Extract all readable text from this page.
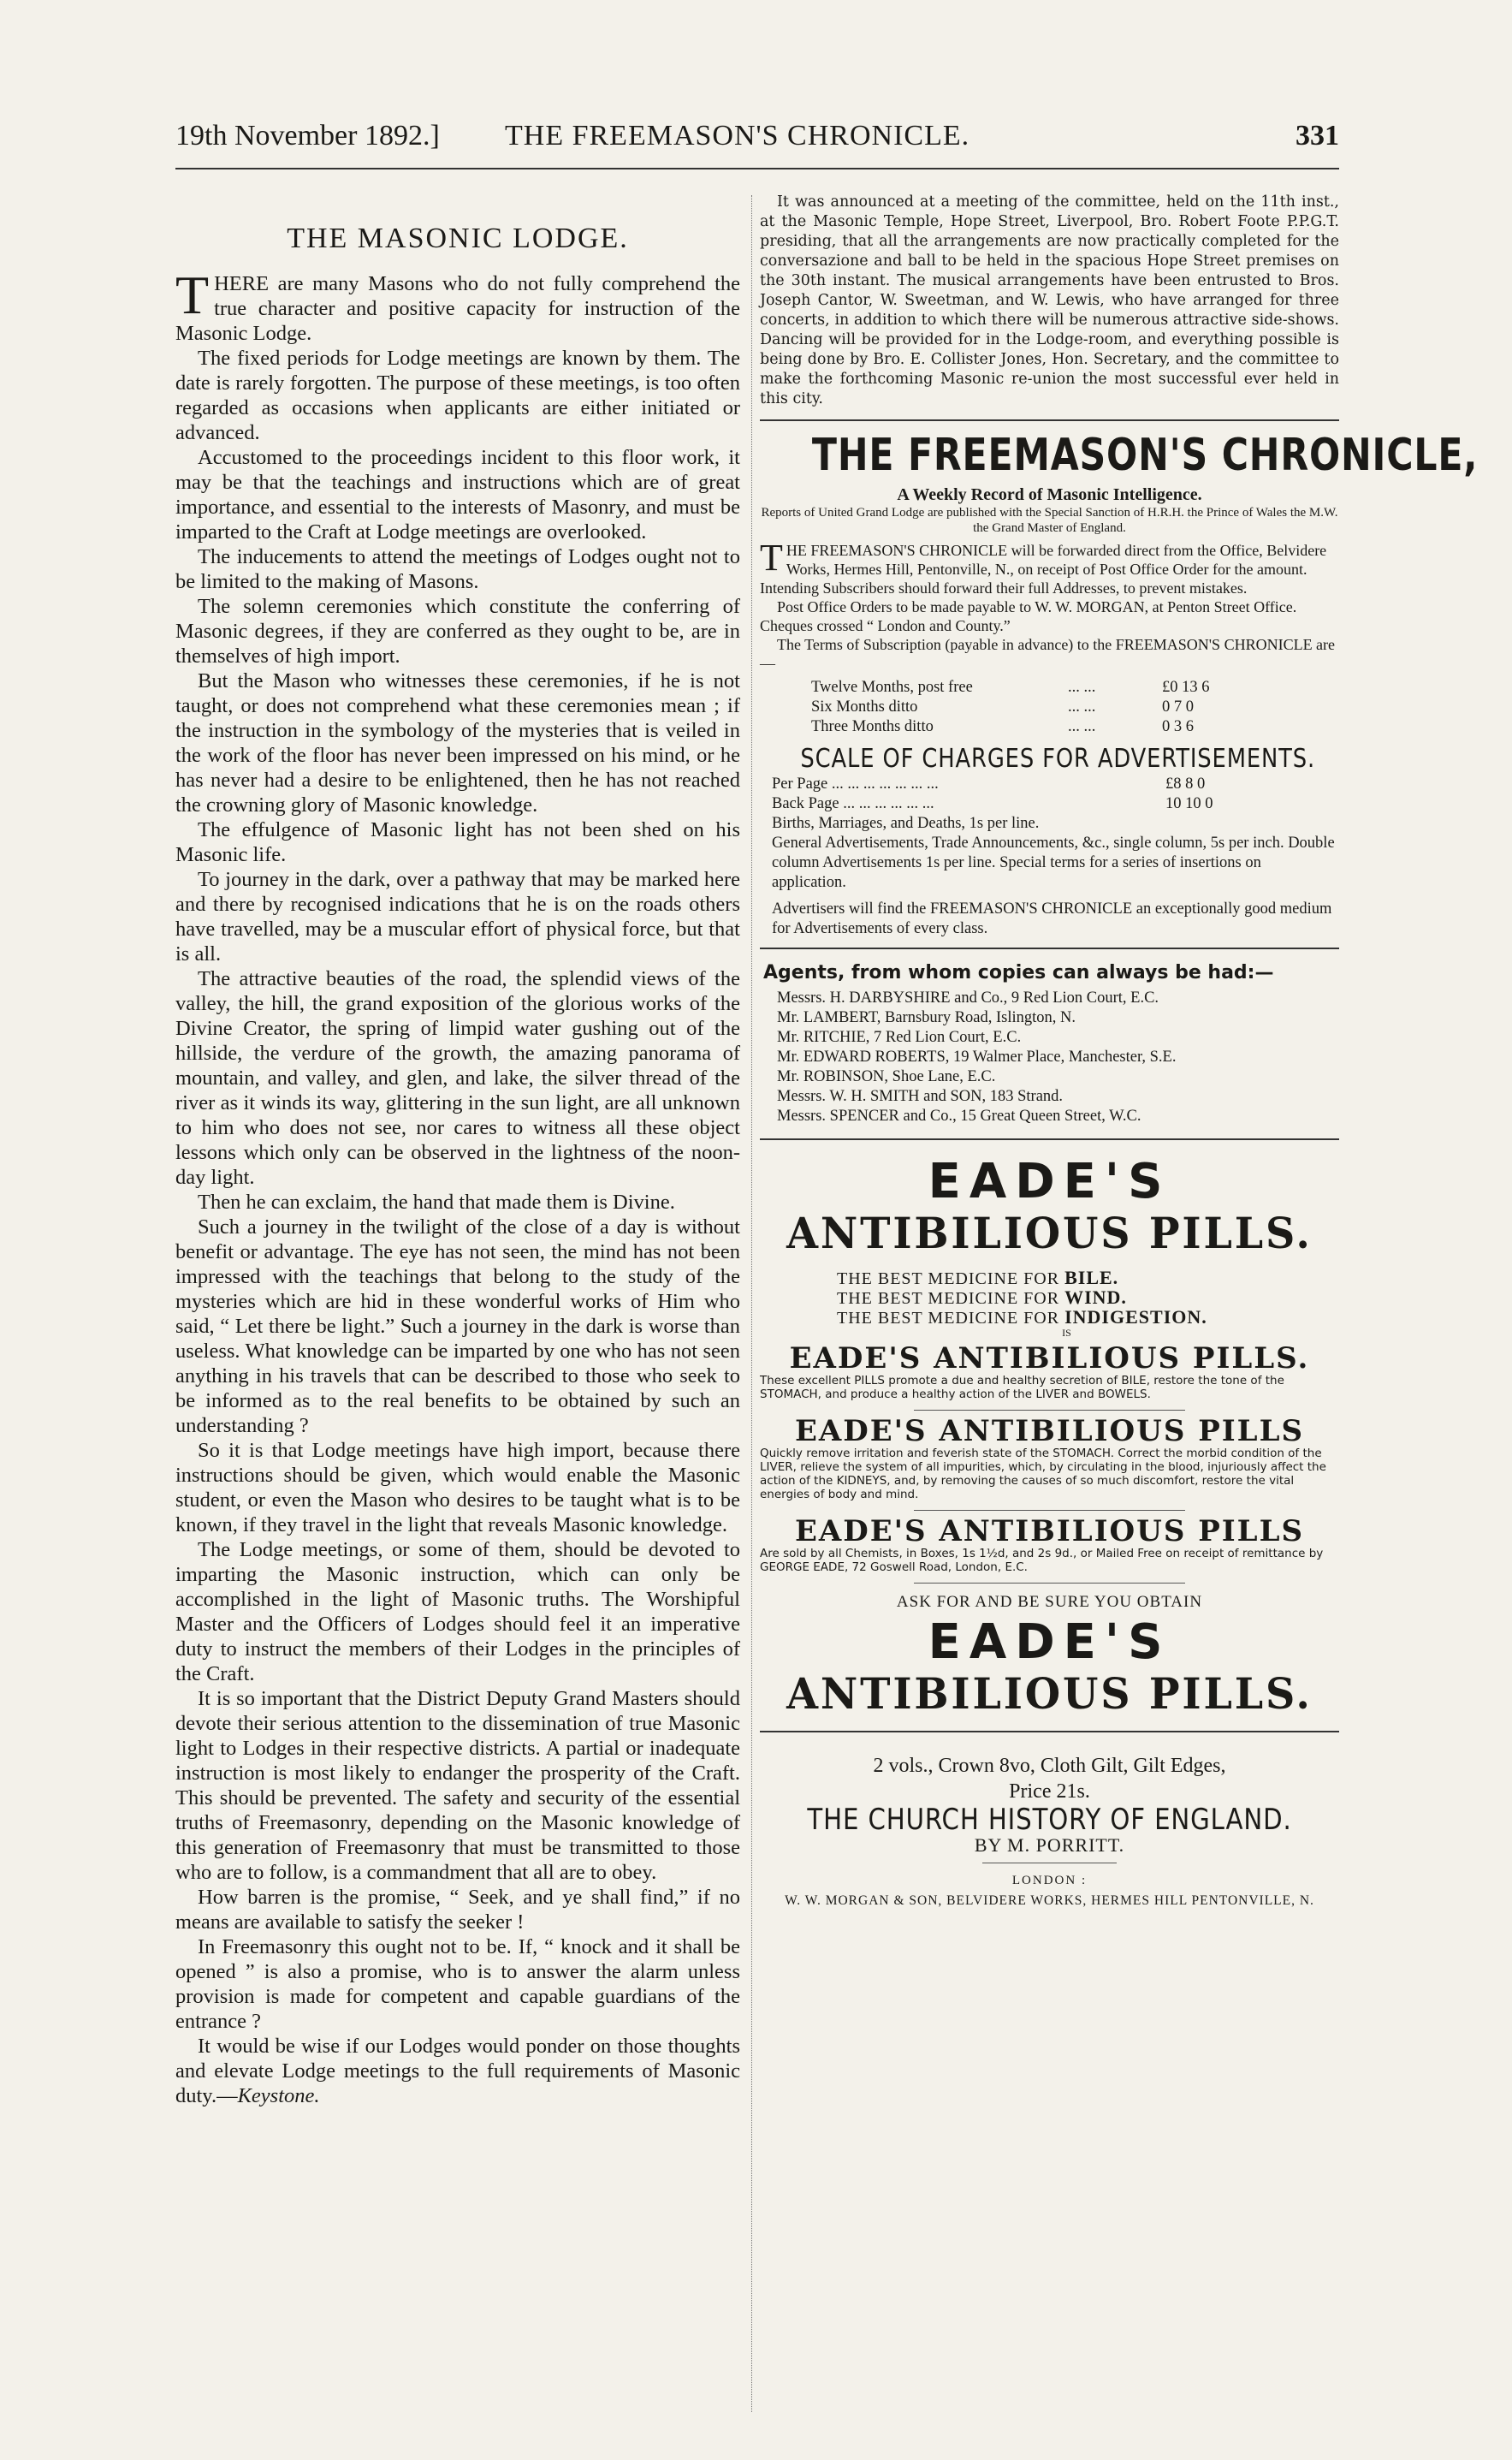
19th November 1892.] THE FREEMASON'S CHRONICLE.	331
THE MASONIC LODGE.

THERE are many Masons who do not fully comprehend the true character and positive capacity for instruction of the Masonic Lodge.

The fixed periods for Lodge meetings are known by them. The date is rarely forgotten. The purpose of these meetings, is too often regarded as occasions when applicants are either initiated or advanced.

Accustomed to the proceedings incident to this floor work, it may be that the teachings and instructions which are of great importance, and essential to the interests of Masonry, and must be imparted to the Craft at Lodge meetings are overlooked.

The inducements to attend the meetings of Lodges ought not to be limited to the making of Masons.

The solemn ceremonies which constitute the conferring of Masonic degrees, if they are conferred as they ought to be, are in themselves of high import.

But the Mason who witnesses these ceremonies, if he is not taught, or does not comprehend what these ceremonies mean ; if the instruction in the symbology of the mysteries that is veiled in the work of the floor has never been impressed on his mind, or he has never had a desire to be enlightened, then he has not reached the crowning glory of Masonic knowledge.

The effulgence of Masonic light has not been shed on his Masonic life.

To journey in the dark, over a pathway that may be marked here and there by recognised indications that he is on the roads others have travelled, may be a muscular effort of physical force, but that is all.

The attractive beauties of the road, the splendid views of the valley, the hill, the grand exposition of the glorious works of the Divine Creator, the spring of limpid water gushing out of the hillside, the verdure of the growth, the amazing panorama of mountain, and valley, and glen, and lake, the silver thread of the river as it winds its way, glittering in the sun light, are all unknown to him who does not see, nor cares to witness all these object lessons which only can be observed in the lightness of the noon-day light.

Then he can exclaim, the hand that made them is Divine.

Such a journey in the twilight of the close of a day is without benefit or advantage. The eye has not seen, the mind has not been impressed with the teachings that belong to the study of the mysteries which are hid in these wonderful works of Him who said, “ Let there be light.” Such a journey in the dark is worse than useless. What knowledge can be imparted by one who has not seen anything in his travels that can be described to those who seek to be informed as to the real benefits to be obtained by such an understanding ?

So it is that Lodge meetings have high import, because there instructions should be given, which would enable the Masonic student, or even the Mason who desires to be taught what is to be known, if they travel in the light that reveals Masonic knowledge.

The Lodge meetings, or some of them, should be devoted to imparting the Masonic instruction, which can only be accomplished in the light of Masonic truths. The Worshipful Master and the Officers of Lodges should feel it an imperative duty to instruct the members of their Lodges in the principles of the Craft.

It is so important that the District Deputy Grand Masters should devote their serious attention to the dissemination of true Masonic light to Lodges in their respective districts. A partial or inadequate instruction is most likely to endanger the prosperity of the Craft. This should be prevented. The safety and security of the essential truths of Freemasonry, depending on the Masonic knowledge of this generation of Freemasonry that must be transmitted to those who are to follow, is a commandment that all are to obey.

How barren is the promise, “ Seek, and ye shall find,” if no means are available to satisfy the seeker !

In Freemasonry this ought not to be. If, “ knock and it shall be opened ” is also a promise, who is to answer the alarm unless provision is made for competent and capable guardians of the entrance ?

It would be wise if our Lodges would ponder on those thoughts and elevate Lodge meetings to the full requirements of Masonic duty.—Keystone.

It was announced at a meeting of the committee, held on the 11th inst., at the Masonic Temple, Hope Street, Liverpool, Bro. Robert Foote P.P.G.T. presiding, that all the arrangements are now practically completed for the conversazione and ball to be held in the spacious Hope Street premises on the 30th instant. The musical arrangements have been entrusted to Bros. Joseph Cantor, W. Sweetman, and W. Lewis, who have arranged for three concerts, in addition to which there will be numerous attractive side-shows. Dancing will be provided for in the Lodge-room, and everything possible is being done by Bro. E. Collister Jones, Hon. Secretary, and the committee to make the forthcoming Masonic re-union the most successful ever held in this city.

THE FREEMASON'S CHRONICLE,

A Weekly Record of Masonic Intelligence.

Reports of United Grand Lodge are published with the Special Sanction of H.R.H. the Prince of Wales the M.W. the Grand Master of England.

THE FREEMASON'S CHRONICLE will be forwarded direct from the Office, Belvidere Works, Hermes Hill, Pentonville, N., on receipt of Post Office Order for the amount. Intending Subscribers should forward their full Addresses, to prevent mistakes.

Post Office Orders to be made payable to W. W. MORGAN, at Penton Street Office. Cheques crossed “ London and County.”

The Terms of Subscription (payable in advance) to the FREEMASON'S CHRONICLE are—

Twelve Months, post free	... ...	£0 13 6
Six Months ditto	... ...	0 7 0
Three Months ditto	... ...	0 3 6
SCALE OF CHARGES FOR ADVERTISEMENTS.
Per Page ... ... ... ... ... ... ...	£8 8 0
Back Page ... ... ... ... ... ...	10 10 0

Births, Marriages, and Deaths, 1s per line.

General Advertisements, Trade Announcements, &c., single column, 5s per inch. Double column Advertisements 1s per line. Special terms for a series of insertions on application.

Advertisers will find the FREEMASON'S CHRONICLE an exceptionally good medium for Advertisements of every class.

Agents, from whom copies can always be had:—
Messrs. H. DARBYSHIRE and Co., 9 Red Lion Court, E.C.
Mr. LAMBERT, Barnsbury Road, Islington, N.
Mr. RITCHIE, 7 Red Lion Court, E.C.
Mr. EDWARD ROBERTS, 19 Walmer Place, Manchester, S.E.
Mr. ROBINSON, Shoe Lane, E.C.
Messrs. W. H. SMITH and SON, 183 Strand.
Messrs. SPENCER and Co., 15 Great Queen Street, W.C.
EADE'S
ANTIBILIOUS PILLS.
THE BEST MEDICINE FOR BILE.
THE BEST MEDICINE FOR WIND.
THE BEST MEDICINE FOR INDIGESTION.
IS
EADE'S ANTIBILIOUS PILLS.

These excellent PILLS promote a due and healthy secretion of BILE, restore the tone of the STOMACH, and produce a healthy action of the LIVER and BOWELS.

EADE'S ANTIBILIOUS PILLS

Quickly remove irritation and feverish state of the STOMACH. Correct the morbid condition of the LIVER, relieve the system of all impurities, which, by circulating in the blood, injuriously affect the action of the KIDNEYS, and, by removing the causes of so much discomfort, restore the vital energies of body and mind.

EADE'S ANTIBILIOUS PILLS

Are sold by all Chemists, in Boxes, 1s 1½d, and 2s 9d., or Mailed Free on receipt of remittance by GEORGE EADE, 72 Goswell Road, London, E.C.

ASK FOR AND BE SURE YOU OBTAIN
EADE'S
ANTIBILIOUS PILLS.
2 vols., Crown 8vo, Cloth Gilt, Gilt Edges,
Price 21s.
THE CHURCH HISTORY OF ENGLAND.
BY M. PORRITT.
LONDON :
W. W. MORGAN & SON, BELVIDERE WORKS, HERMES HILL PENTONVILLE, N.
